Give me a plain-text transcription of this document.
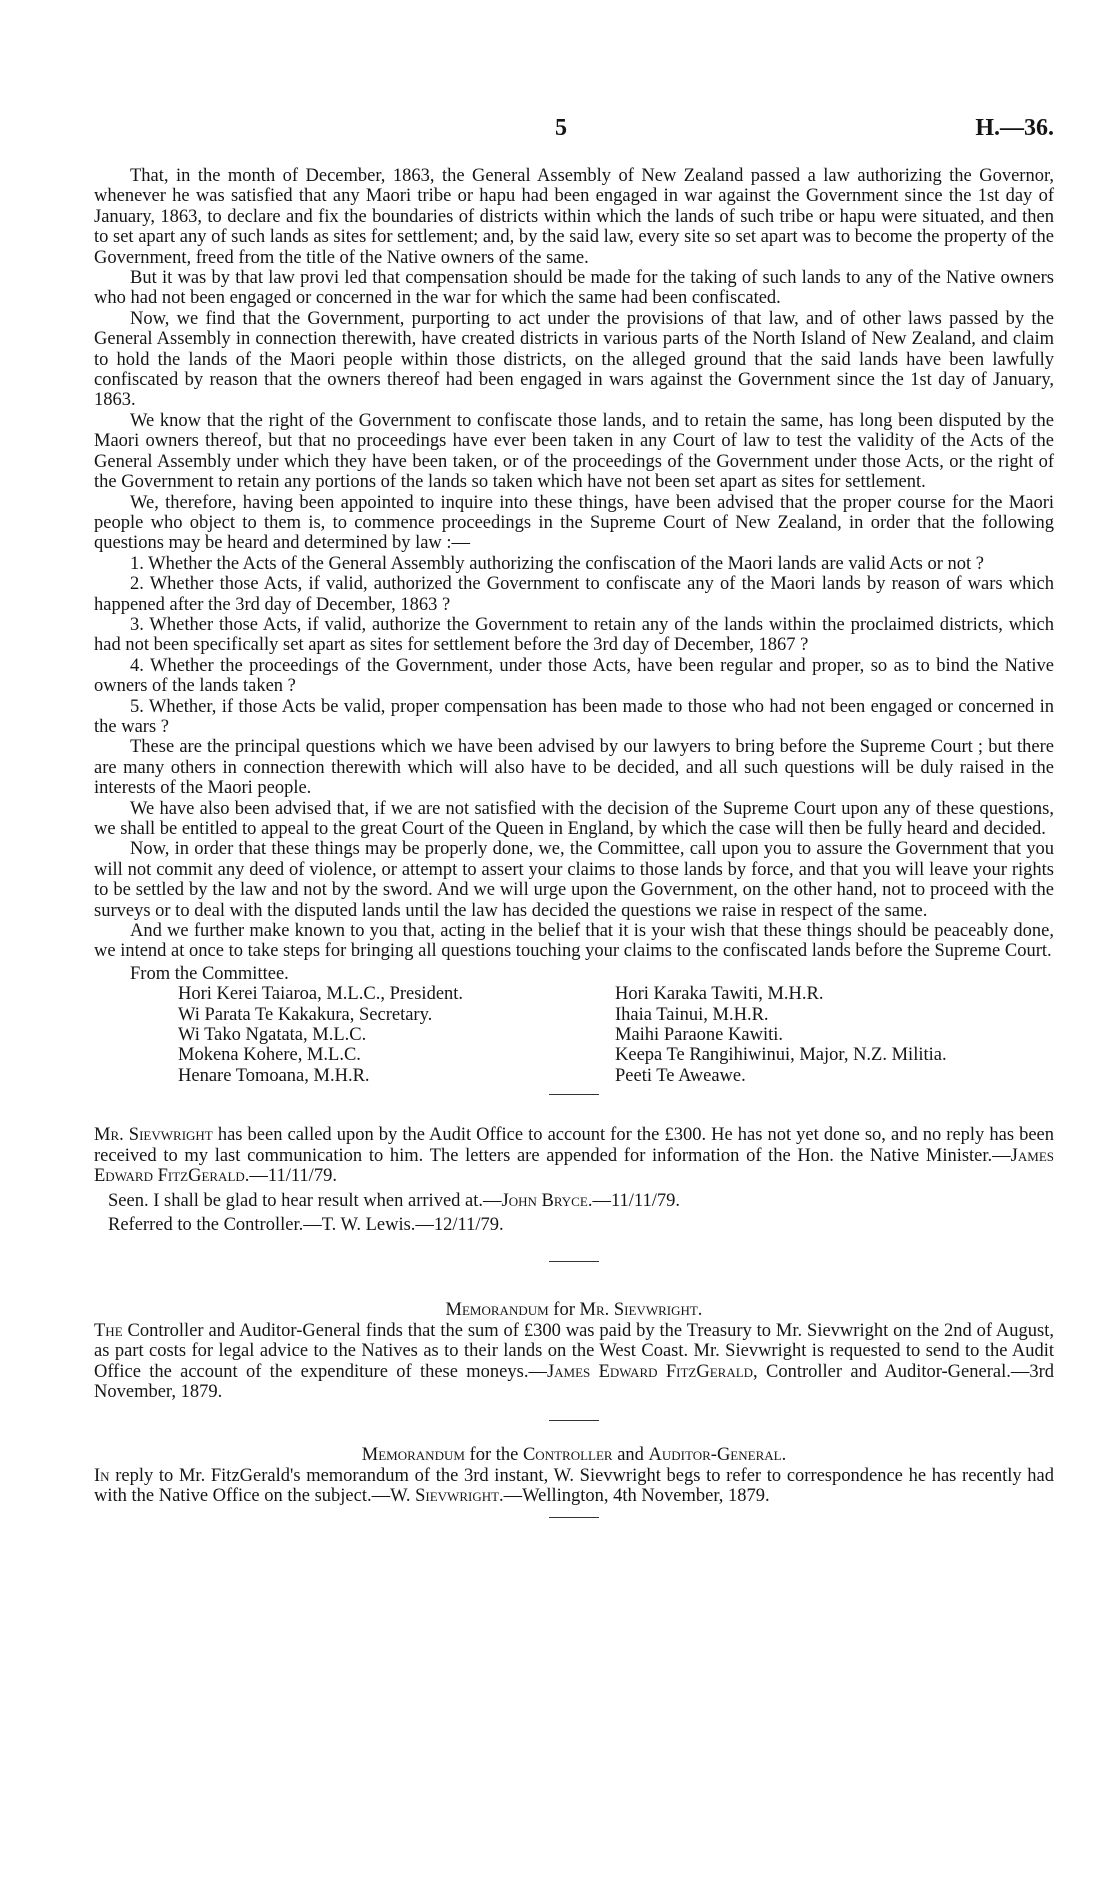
5	H.—36.

That, in the month of December, 1863, the General Assembly of New Zealand passed a law authorizing the Governor, whenever he was satisfied that any Maori tribe or hapu had been engaged in war against the Government since the 1st day of January, 1863, to declare and fix the boundaries of districts within which the lands of such tribe or hapu were situated, and then to set apart any of such lands as sites for settlement; and, by the said law, every site so set apart was to become the property of the Government, freed from the title of the Native owners of the same.

But it was by that law provi led that compensation should be made for the taking of such lands to any of the Native owners who had not been engaged or concerned in the war for which the same had been confiscated.

Now, we find that the Government, purporting to act under the provisions of that law, and of other laws passed by the General Assembly in connection therewith, have created districts in various parts of the North Island of New Zealand, and claim to hold the lands of the Maori people within those districts, on the alleged ground that the said lands have been lawfully confiscated by reason that the owners thereof had been engaged in wars against the Government since the 1st day of January, 1863.

We know that the right of the Government to confiscate those lands, and to retain the same, has long been disputed by the Maori owners thereof, but that no proceedings have ever been taken in any Court of law to test the validity of the Acts of the General Assembly under which they have been taken, or of the proceedings of the Government under those Acts, or the right of the Government to retain any portions of the lands so taken which have not been set apart as sites for settlement.

We, therefore, having been appointed to inquire into these things, have been advised that the proper course for the Maori people who object to them is, to commence proceedings in the Supreme Court of New Zealand, in order that the following questions may be heard and determined by law :—

1. Whether the Acts of the General Assembly authorizing the confiscation of the Maori lands are valid Acts or not ?

2. Whether those Acts, if valid, authorized the Government to confiscate any of the Maori lands by reason of wars which happened after the 3rd day of December, 1863 ?

3. Whether those Acts, if valid, authorize the Government to retain any of the lands within the proclaimed districts, which had not been specifically set apart as sites for settlement before the 3rd day of December, 1867 ?

4. Whether the proceedings of the Government, under those Acts, have been regular and proper, so as to bind the Native owners of the lands taken ?

5. Whether, if those Acts be valid, proper compensation has been made to those who had not been engaged or concerned in the wars ?

These are the principal questions which we have been advised by our lawyers to bring before the Supreme Court ; but there are many others in connection therewith which will also have to be decided, and all such questions will be duly raised in the interests of the Maori people.

We have also been advised that, if we are not satisfied with the decision of the Supreme Court upon any of these questions, we shall be entitled to appeal to the great Court of the Queen in England, by which the case will then be fully heard and decided.

Now, in order that these things may be properly done, we, the Committee, call upon you to assure the Government that you will not commit any deed of violence, or attempt to assert your claims to those lands by force, and that you will leave your rights to be settled by the law and not by the sword. And we will urge upon the Government, on the other hand, not to proceed with the surveys or to deal with the disputed lands until the law has decided the questions we raise in respect of the same.

And we further make known to you that, acting in the belief that it is your wish that these things should be peaceably done, we intend at once to take steps for bringing all questions touching your claims to the confiscated lands before the Supreme Court.

From the Committee.

Hori Kerei Taiaroa, M.L.C., President.
Wi Parata Te Kakakura, Secretary.
Wi Tako Ngatata, M.L.C.
Mokena Kohere, M.L.C.
Henare Tomoana, M.H.R.
Hori Karaka Tawiti, M.H.R.
Ihaia Tainui, M.H.R.
Maihi Paraone Kawiti.
Keepa Te Rangihiwinui, Major, N.Z. Militia.
Peeti Te Aweawe.

Mr. Sievwright has been called upon by the Audit Office to account for the £300. He has not yet done so, and no reply has been received to my last communication to him. The letters are appended for information of the Hon. the Native Minister.—James Edward FitzGerald.—11/11/79.

Seen. I shall be glad to hear result when arrived at.—John Bryce.—11/11/79.

Referred to the Controller.—T. W. Lewis.—12/11/79.

Memorandum for Mr. Sievwright.

The Controller and Auditor-General finds that the sum of £300 was paid by the Treasury to Mr. Sievwright on the 2nd of August, as part costs for legal advice to the Natives as to their lands on the West Coast. Mr. Sievwright is requested to send to the Audit Office the account of the expenditure of these moneys.—James Edward FitzGerald, Controller and Auditor-General.—3rd November, 1879.

Memorandum for the Controller and Auditor-General.

In reply to Mr. FitzGerald's memorandum of the 3rd instant, W. Sievwright begs to refer to correspondence he has recently had with the Native Office on the subject.—W. Sievwright.—Wellington, 4th November, 1879.
